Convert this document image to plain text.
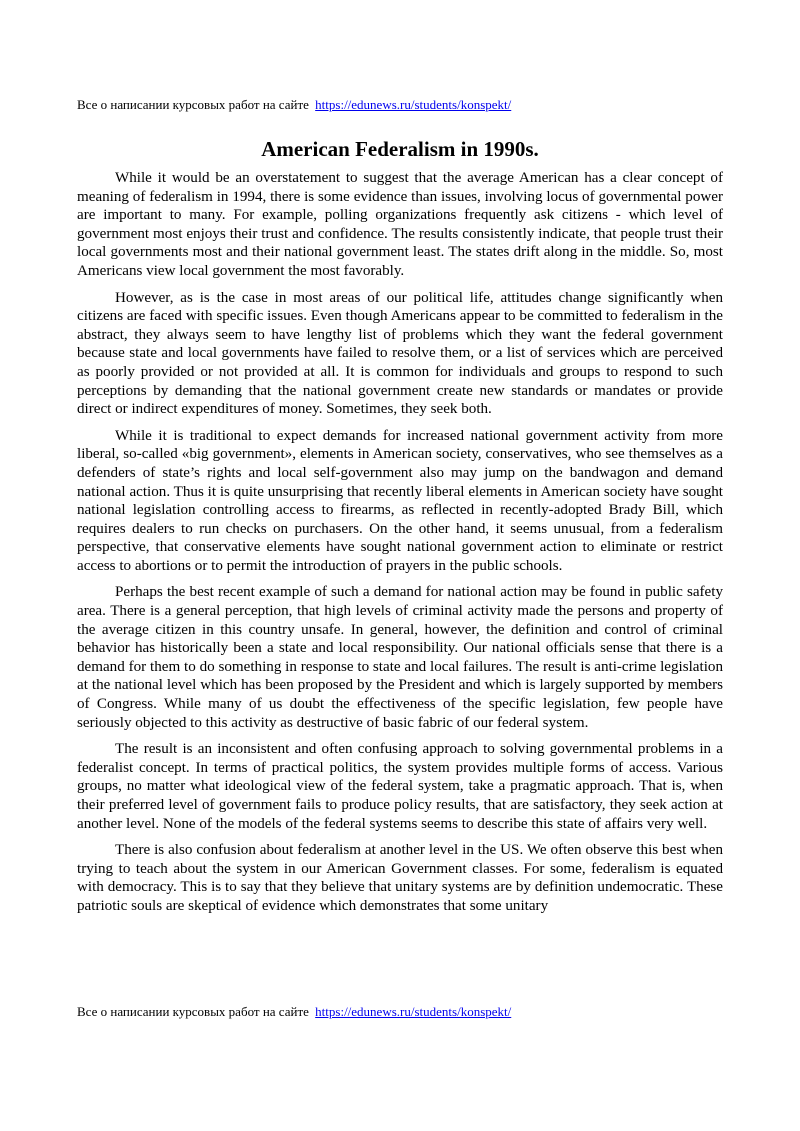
Все о написании курсовых работ на сайте https://edunews.ru/students/konspekt/
American Federalism in 1990s.

While it would be an overstatement to suggest that the average American has a clear concept of meaning of federalism in 1994, there is some evidence than issues, involving locus of governmental power are important to many. For example, polling organizations frequently ask citizens - which level of government most enjoys their trust and confidence. The results consistently indicate, that people trust their local governments most and their national government least. The states drift along in the middle. So, most Americans view local government the most favorably.

However, as is the case in most areas of our political life, attitudes change significantly when citizens are faced with specific issues. Even though Americans appear to be committed to federalism in the abstract, they always seem to have lengthy list of problems which they want the federal government because state and local governments have failed to resolve them, or a list of services which are perceived as poorly provided or not provided at all. It is common for individuals and groups to respond to such perceptions by demanding that the national government create new standards or mandates or provide direct or indirect expenditures of money. Sometimes, they seek both.

While it is traditional to expect demands for increased national government activity from more liberal, so-called «big government», elements in American society, conservatives, who see themselves as a defenders of state’s rights and local self-government also may jump on the bandwagon and demand national action. Thus it is quite unsurprising that recently liberal elements in American society have sought national legislation controlling access to firearms, as reflected in recently-adopted Brady Bill, which requires dealers to run checks on purchasers. On the other hand, it seems unusual, from a federalism perspective, that conservative elements have sought national government action to eliminate or restrict access to abortions or to permit the introduction of prayers in the public schools.

Perhaps the best recent example of such a demand for national action may be found in public safety area. There is a general perception, that high levels of criminal activity made the persons and property of the average citizen in this country unsafe. In general, however, the definition and control of criminal behavior has historically been a state and local responsibility. Our national officials sense that there is a demand for them to do something in response to state and local failures. The result is anti-crime legislation at the national level which has been proposed by the President and which is largely supported by members of Congress. While many of us doubt the effectiveness of the specific legislation, few people have seriously objected to this activity as destructive of basic fabric of our federal system.

The result is an inconsistent and often confusing approach to solving governmental problems in a federalist concept. In terms of practical politics, the system provides multiple forms of access. Various groups, no matter what ideological view of the federal system, take a pragmatic approach. That is, when their preferred level of government fails to produce policy results, that are satisfactory, they seek action at another level. None of the models of the federal systems seems to describe this state of affairs very well.

There is also confusion about federalism at another level in the US. We often observe this best when trying to teach about the system in our American Government classes. For some, federalism is equated with democracy. This is to say that they believe that unitary systems are by definition undemocratic. These patriotic souls are skeptical of evidence which demonstrates that some unitary

Все о написании курсовых работ на сайте https://edunews.ru/students/konspekt/
